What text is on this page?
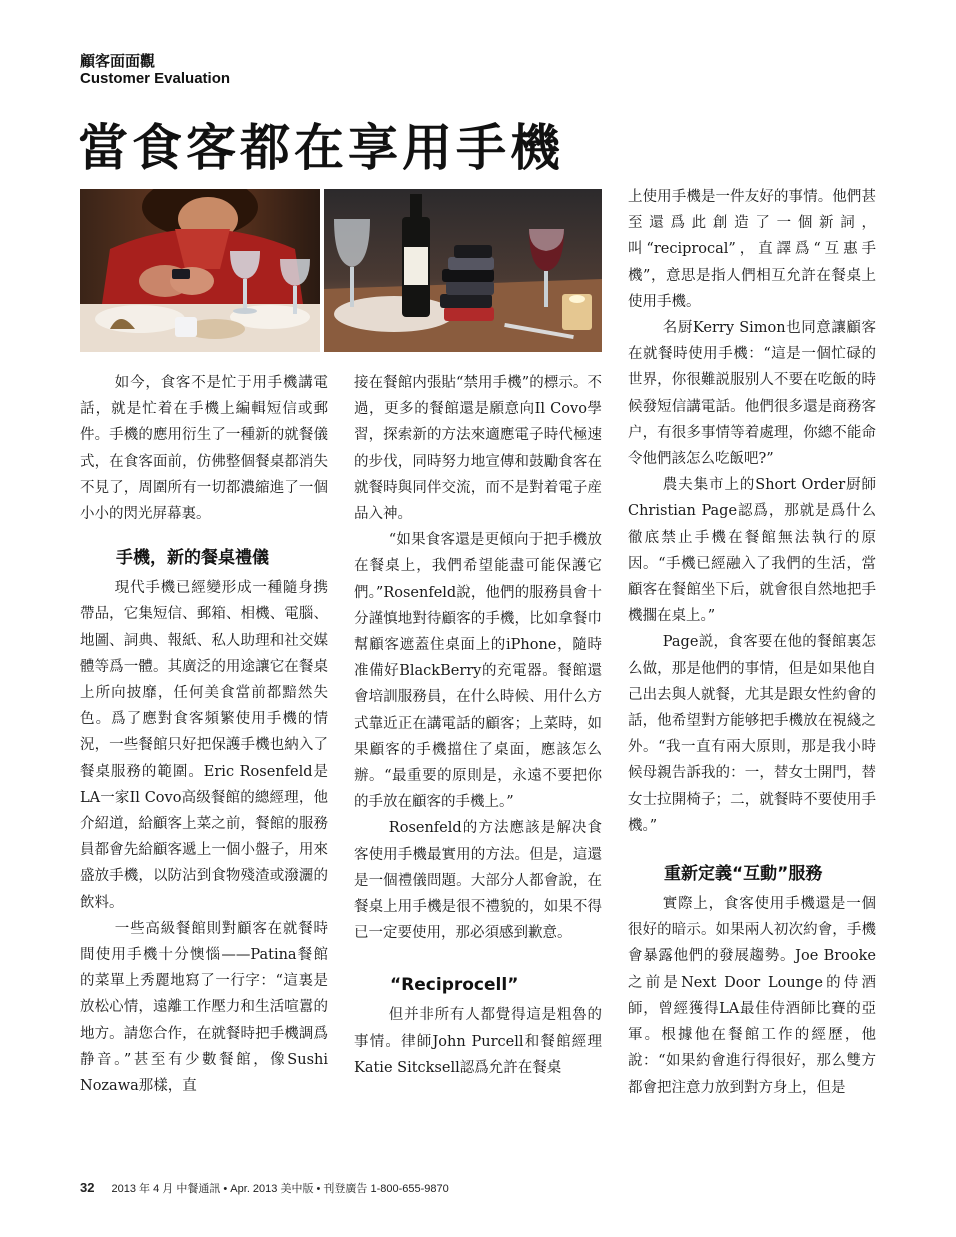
顧客面面觀
Customer Evaluation
當食客都在享用手機

如今，食客不是忙于用手機講電話，就是忙着在手機上編輯短信或郵件。手機的應用衍生了一種新的就餐儀式，在食客面前，仿佛整個餐桌都消失不見了，周圍所有一切都濃縮進了一個小小的閃光屏幕裏。

手機，新的餐桌禮儀

現代手機已經變形成一種隨身携帶品，它集短信、郵箱、相機、電腦、地圖、詞典、報紙、私人助理和社交媒體等爲一體。其廣泛的用途讓它在餐桌上所向披靡，任何美食當前都黯然失色。爲了應對食客頻繁使用手機的情況，一些餐館只好把保護手機也納入了餐桌服務的範圍。Eric Rosenfeld是LA一家Il Covo高级餐館的總經理，他介紹道，給顧客上菜之前，餐館的服務員都會先給顧客遞上一個小盤子，用來盛放手機，以防沾到食物殘渣或潑灑的飲料。

一些高級餐館則對顧客在就餐時間使用手機十分懊惱——Patina餐館的菜單上秀麗地寫了一行字：“這裏是放松心情，遠離工作壓力和生活喧囂的地方。請您合作，在就餐時把手機調爲静音。”甚至有少數餐館，像Sushi Nozawa那樣，直

接在餐館内張貼“禁用手機”的標示。不過，更多的餐館還是願意向Il Covo學習，探索新的方法來適應電子時代極速的步伐，同時努力地宣傳和鼓勵食客在就餐時與同伴交流，而不是對着電子産品入神。

“如果食客還是更傾向于把手機放在餐桌上，我們希望能盡可能保護它們。”Rosenfeld說，他們的服務員會十分謹慎地對待顧客的手機，比如拿餐巾幫顧客遮蓋住桌面上的iPhone，隨時准備好BlackBerry的充電器。餐館還會培訓服務員，在什么時候、用什么方式靠近正在講電話的顧客；上菜時，如果顧客的手機擋住了桌面，應該怎么辦。“最重要的原則是，永遠不要把你的手放在顧客的手機上。”

Rosenfeld的方法應該是解决食客使用手機最實用的方法。但是，這還是一個禮儀問題。大部分人都會說，在餐桌上用手機是很不禮貌的，如果不得已一定要使用，那必須感到歉意。

“Reciprocell”

但并非所有人都覺得這是粗魯的事情。律師John Purcell和餐館經理Katie Sitcksell認爲允許在餐桌

上使用手機是一件友好的事情。他們甚至還爲此創造了一個新詞，叫“reciprocal”，直譯爲“互惠手機”，意思是指人們相互允許在餐桌上使用手機。

名厨Kerry Simon也同意讓顧客在就餐時使用手機：“這是一個忙碌的世界，你很難説服别人不要在吃飯的時候發短信講電話。他們很多還是商務客户，有很多事情等着處理，你總不能命令他們該怎么吃飯吧?”

農夫集市上的Short Order厨師Christian Page認爲，那就是爲什么徹底禁止手機在餐館無法執行的原因。“手機已經融入了我們的生活，當顧客在餐館坐下后，就會很自然地把手機擱在桌上。”

Page説，食客要在他的餐館裏怎么做，那是他們的事情，但是如果他自己出去與人就餐，尤其是跟女性約會的話，他希望對方能够把手機放在視綫之外。“我一直有兩大原則，那是我小時候母親告訴我的：一，替女士開門，替女士拉開椅子；二，就餐時不要使用手機。”

重新定義“互動”服務

實際上，食客使用手機還是一個很好的暗示。如果兩人初次約會，手機會暴露他們的發展趨勢。Joe Brooke之前是Next Door Lounge的侍酒師，曾經獲得LA最佳侍酒師比賽的亞軍。根據他在餐館工作的經歷，他說：“如果約會進行得很好，那么雙方都會把注意力放到對方身上，但是

32 2013 年 4 月 中餐通訊 • Apr. 2013 美中版 • 刊登廣告 1-800-655-9870
